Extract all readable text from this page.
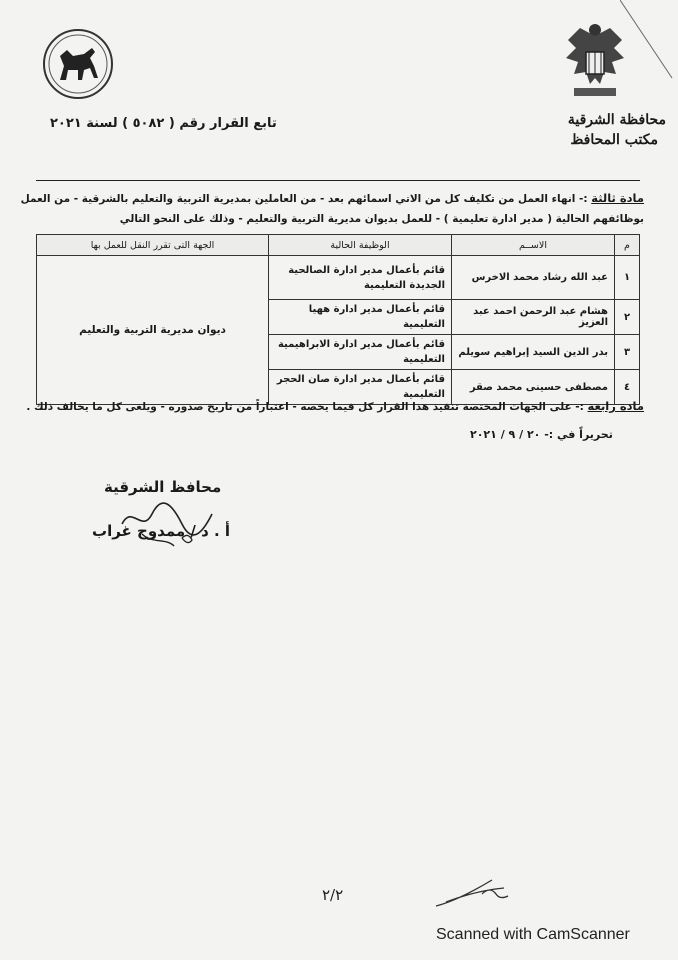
محافظة الشرقية
مكتب المحافظ
تابع القرار رقم ( ٥٠٨٢ ) لسنة ٢٠٢١
مادة ثالثة :- انهاء العمل من تكليف كل من الاتي اسمائهم بعد - من العاملين بمديرية التربية والتعليم بالشرقية - من العمل
بوظائفهم الحالية ( مدير ادارة تعليمية ) - للعمل بديوان مديرية التربية والتعليم - وذلك على النحو التالي
م	الاســم	الوظيفة الحالية	الجهة التى تقرر النقل للعمل بها
١	عبد الله رشاد محمد الاخرس	قائم بأعمال مدير ادارة الصالحية الجديدة التعليمية	ديوان مديرية التربية والتعليم
٢	هشام عبد الرحمن احمد عبد العزيز	قائم بأعمال مدير ادارة ههيا التعليمية	
٣	بدر الدين السيد إبراهيم سويلم	قائم بأعمال مدير ادارة الابراهيمية التعليمية	
٤	مصطفى حسينى محمد صقر	قائم بأعمال مدير ادارة صان الحجر التعليمية	
مادة رابعة :- على الجهات المختصة تنفيذ هذا القرار كل فيما يخصه - اعتباراً من تاريخ صدوره - ويلغى كل ما يخالف ذلك .
تحريراً في :- ٢٠ / ٩ / ٢٠٢١
محافظ الشرقية
أ . د / ممدوح غراب
٢/٢
Scanned with CamScanner
